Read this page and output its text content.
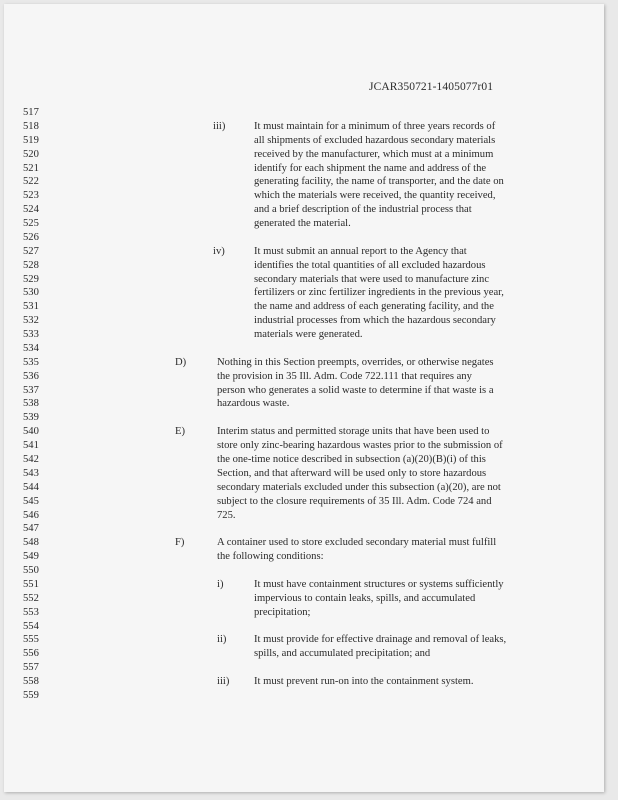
JCAR350721-1405077r01
517
518	iii)	It must maintain for a minimum of three years records of
519	all shipments of excluded hazardous secondary materials
520	received by the manufacturer, which must at a minimum
521	identify for each shipment the name and address of the
522	generating facility, the name of transporter, and the date on
523	which the materials were received, the quantity received,
524	and a brief description of the industrial process that
525	generated the material.
526
527	iv)	It must submit an annual report to the Agency that
528	identifies the total quantities of all excluded hazardous
529	secondary materials that were used to manufacture zinc
530	fertilizers or zinc fertilizer ingredients in the previous year,
531	the name and address of each generating facility, and the
532	industrial processes from which the hazardous secondary
533	materials were generated.
534
535	D)	Nothing in this Section preempts, overrides, or otherwise negates
536	the provision in 35 Ill. Adm. Code 722.111 that requires any
537	person who generates a solid waste to determine if that waste is a
538	hazardous waste.
539
540	E)	Interim status and permitted storage units that have been used to
541	store only zinc-bearing hazardous wastes prior to the submission of
542	the one-time notice described in subsection (a)(20)(B)(i) of this
543	Section, and that afterward will be used only to store hazardous
544	secondary materials excluded under this subsection (a)(20), are not
545	subject to the closure requirements of 35 Ill. Adm. Code 724 and
546	725.
547
548	F)	A container used to store excluded secondary material must fulfill
549	the following conditions:
550
551	i)	It must have containment structures or systems sufficiently
552	impervious to contain leaks, spills, and accumulated
553	precipitation;
554
555	ii)	It must provide for effective drainage and removal of leaks,
556	spills, and accumulated precipitation; and
557
558	iii) It must prevent run-on into the containment system.
559
